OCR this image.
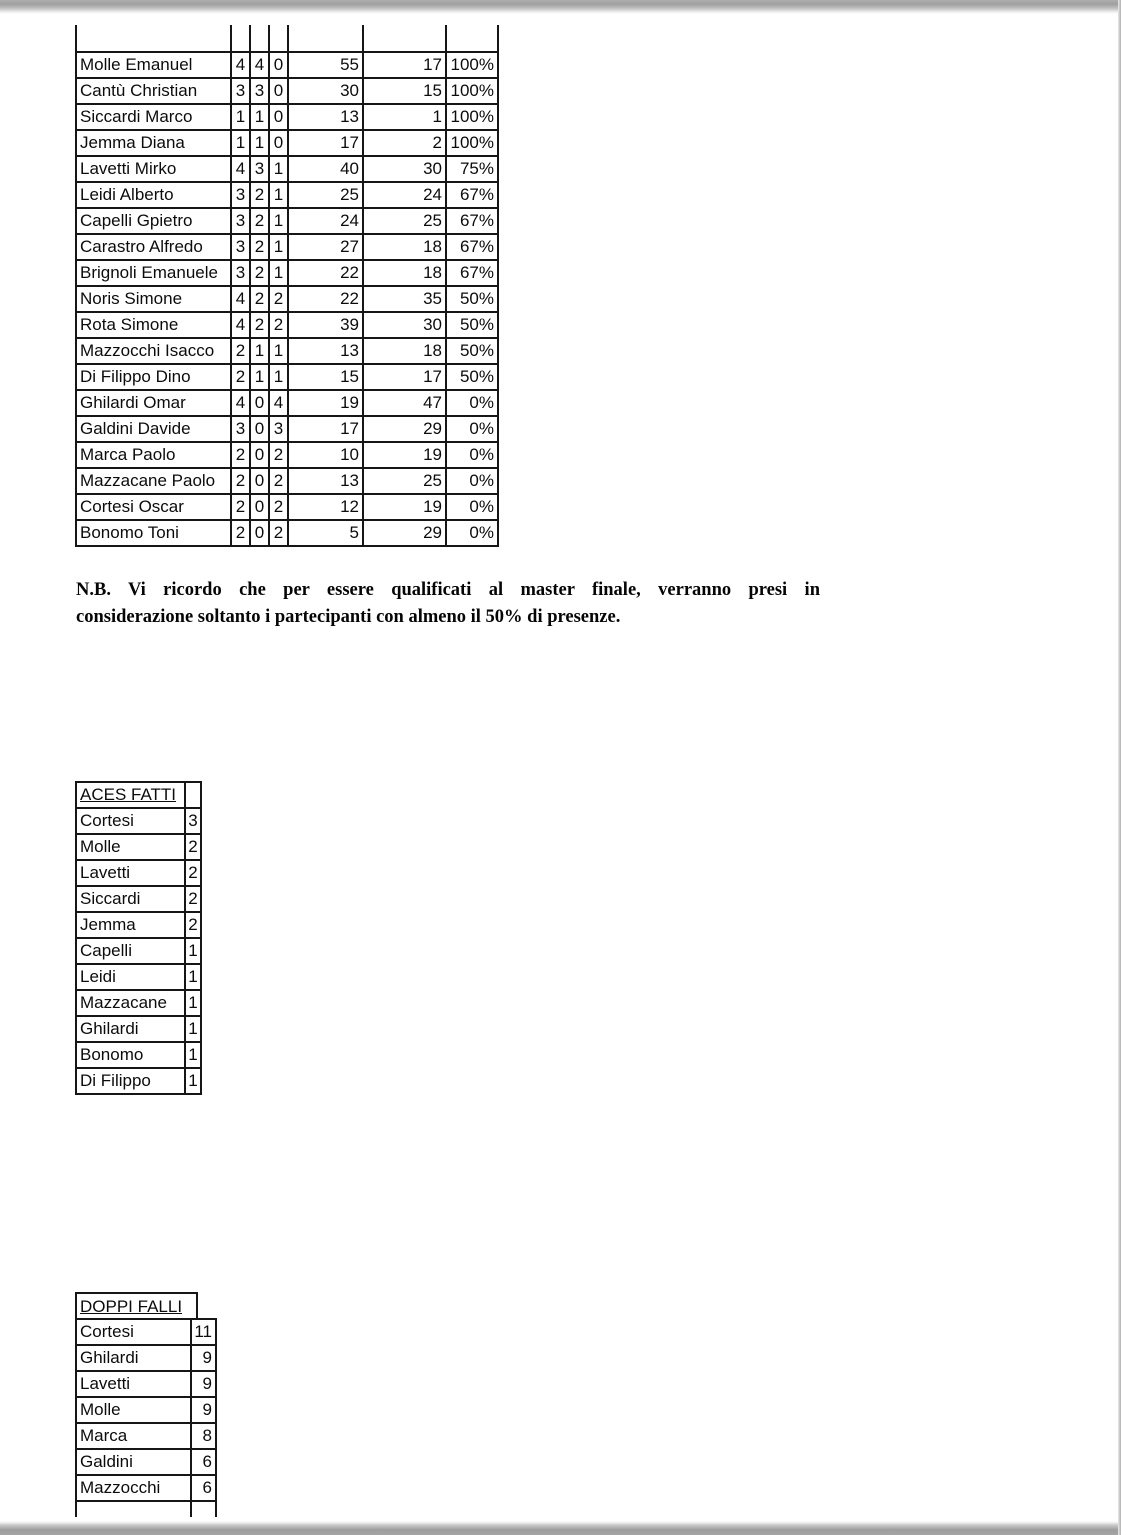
Molle Emanuel	4	4	0	55	17	100%
Cantù Christian	3	3	0	30	15	100%
Siccardi Marco	1	1	0	13	1	100%
Jemma Diana	1	1	0	17	2	100%
Lavetti Mirko	4	3	1	40	30	75%
Leidi Alberto	3	2	1	25	24	67%
Capelli Gpietro	3	2	1	24	25	67%
Carastro Alfredo	3	2	1	27	18	67%
Brignoli Emanuele	3	2	1	22	18	67%
Noris Simone	4	2	2	22	35	50%
Rota Simone	4	2	2	39	30	50%
Mazzocchi Isacco	2	1	1	13	18	50%
Di Filippo Dino	2	1	1	15	17	50%
Ghilardi Omar	4	0	4	19	47	0%
Galdini Davide	3	0	3	17	29	0%
Marca Paolo	2	0	2	10	19	0%
Mazzacane Paolo	2	0	2	13	25	0%
Cortesi Oscar	2	0	2	12	19	0%
Bonomo Toni	2	0	2	5	29	0%
N.B. Vi ricordo che per essere qualificati al master finale, verranno presi in
considerazione soltanto i partecipanti con almeno il 50% di presenze.
ACES FATTI	
Cortesi	3
Molle	2
Lavetti	2
Siccardi	2
Jemma	2
Capelli	1
Leidi	1
Mazzacane	1
Ghilardi	1
Bonomo	1
Di Filippo	1
DOPPI FALLI
Cortesi	11
Ghilardi	9
Lavetti	9
Molle	9
Marca	8
Galdini	6
Mazzocchi	6
